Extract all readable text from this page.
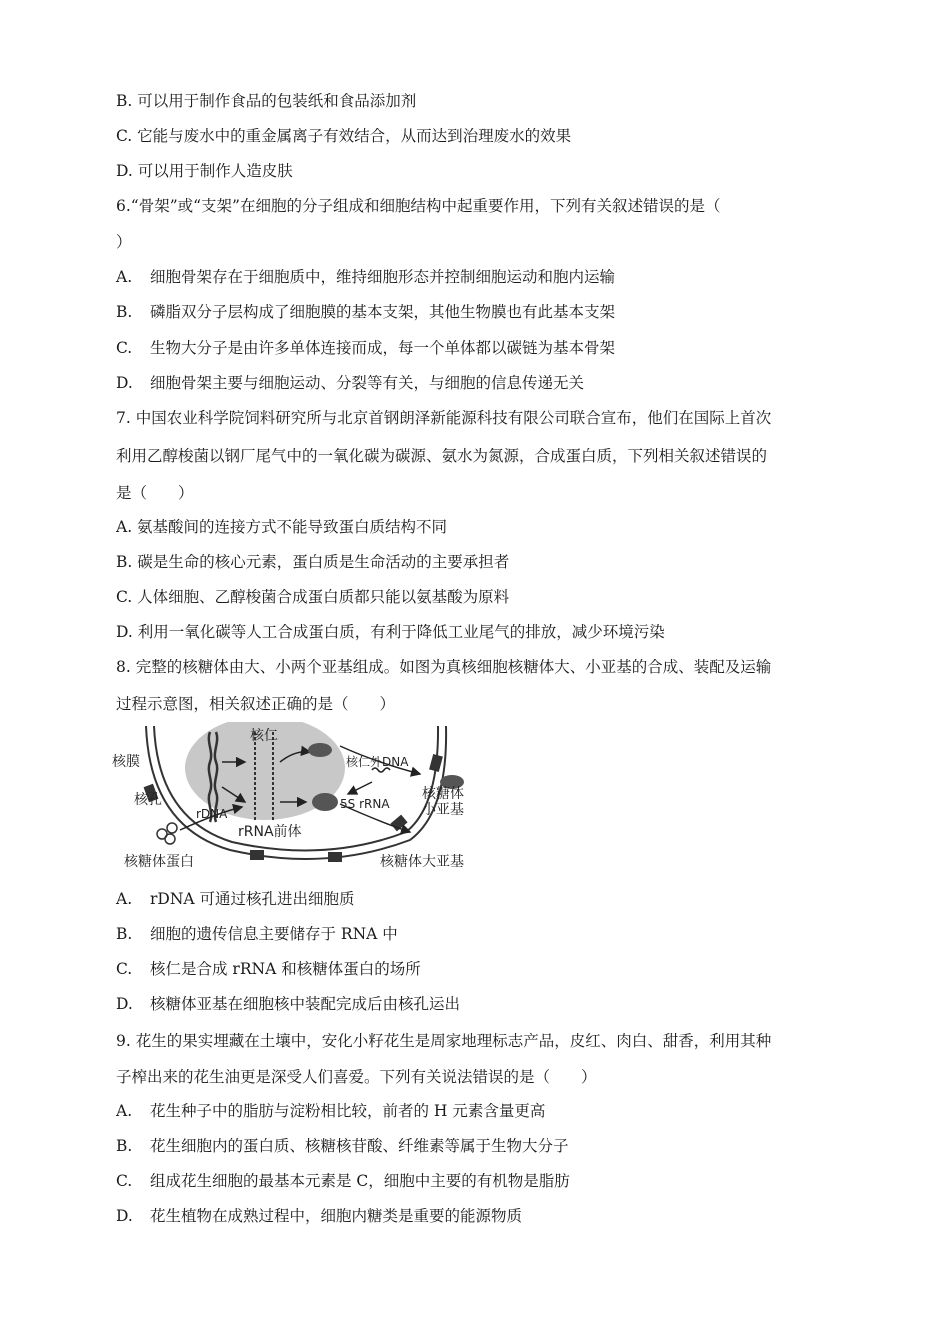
B. 可以用于制作食品的包装纸和食品添加剂
C. 它能与废水中的重金属离子有效结合，从而达到治理废水的效果
D. 可以用于制作人造皮肤
6.“骨架”或“支架”在细胞的分子组成和细胞结构中起重要作用，下列有关叙述错误的是（
）
A. 细胞骨架存在于细胞质中，维持细胞形态并控制细胞运动和胞内运输
B. 磷脂双分子层构成了细胞膜的基本支架，其他生物膜也有此基本支架
C. 生物大分子是由许多单体连接而成，每一个单体都以碳链为基本骨架
D. 细胞骨架主要与细胞运动、分裂等有关，与细胞的信息传递无关
7. 中国农业科学院饲料研究所与北京首钢朗泽新能源科技有限公司联合宣布，他们在国际上首次
利用乙醇梭菌以钢厂尾气中的一氧化碳为碳源、氨水为氮源，合成蛋白质，下列相关叙述错误的
是（　　）
A. 氨基酸间的连接方式不能导致蛋白质结构不同
B. 碳是生命的核心元素，蛋白质是生命活动的主要承担者
C. 人体细胞、乙醇梭菌合成蛋白质都只能以氨基酸为原料
D. 利用一氧化碳等人工合成蛋白质，有利于降低工业尾气的排放，减少环境污染
8. 完整的核糖体由大、小两个亚基组成。如图为真核细胞核糖体大、小亚基的合成、装配及运输
过程示意图，相关叙述正确的是（　　）
核仁
核膜
核孔
rDNA
rRNA前体
核糖体蛋白
核仁外DNA
5S rRNA
核糖体
小亚基
核糖体大亚基
A. rDNA 可通过核孔进出细胞质
B. 细胞的遗传信息主要储存于 RNA 中
C. 核仁是合成 rRNA 和核糖体蛋白的场所
D. 核糖体亚基在细胞核中装配完成后由核孔运出
9. 花生的果实埋藏在土壤中，安化小籽花生是周家地理标志产品，皮红、肉白、甜香，利用其种
子榨出来的花生油更是深受人们喜爱。下列有关说法错误的是（　　）
A. 花生种子中的脂肪与淀粉相比较，前者的 H 元素含量更高
B. 花生细胞内的蛋白质、核糖核苷酸、纤维素等属于生物大分子
C. 组成花生细胞的最基本元素是 C，细胞中主要的有机物是脂肪
D. 花生植物在成熟过程中，细胞内糖类是重要的能源物质
